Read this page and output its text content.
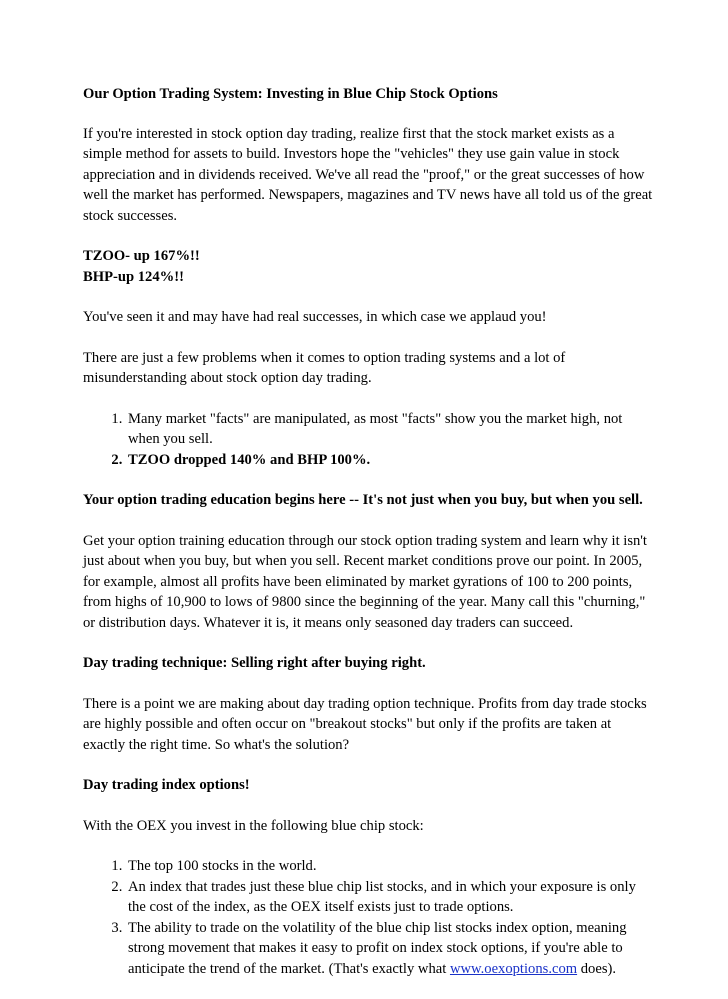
Our Option Trading System: Investing in Blue Chip Stock Options

If you're interested in stock option day trading, realize first that the stock market exists as a simple method for assets to build. Investors hope the "vehicles" they use gain value in stock appreciation and in dividends received. We've all read the "proof," or the great successes of how well the market has performed. Newspapers, magazines and TV news have all told us of the great stock successes.

TZOO- up 167%!!

BHP-up 124%!!

You've seen it and may have had real successes, in which case we applaud you!

There are just a few problems when it comes to option trading systems and a lot of misunderstanding about stock option day trading.

1. Many market "facts" are manipulated, as most "facts" show you the market high, not when you sell.
2. TZOO dropped 140% and BHP 100%.

Your option trading education begins here -- It's not just when you buy, but when you sell.

Get your option training education through our stock option trading system and learn why it isn't just about when you buy, but when you sell. Recent market conditions prove our point. In 2005, for example, almost all profits have been eliminated by market gyrations of 100 to 200 points, from highs of 10,900 to lows of 9800 since the beginning of the year. Many call this "churning," or distribution days. Whatever it is, it means only seasoned day traders can succeed.

Day trading technique: Selling right after buying right.

There is a point we are making about day trading option technique. Profits from day trade stocks are highly possible and often occur on "breakout stocks" but only if the profits are taken at exactly the right time. So what's the solution?

Day trading index options!

With the OEX you invest in the following blue chip stock:

1. The top 100 stocks in the world.
2. An index that trades just these blue chip list stocks, and in which your exposure is only the cost of the index, as the OEX itself exists just to trade options.
3. The ability to trade on the volatility of the blue chip list stocks index option, meaning strong movement that makes it easy to profit on index stock options, if you're able to anticipate the trend of the market. (That's exactly what www.oexoptions.com does).
